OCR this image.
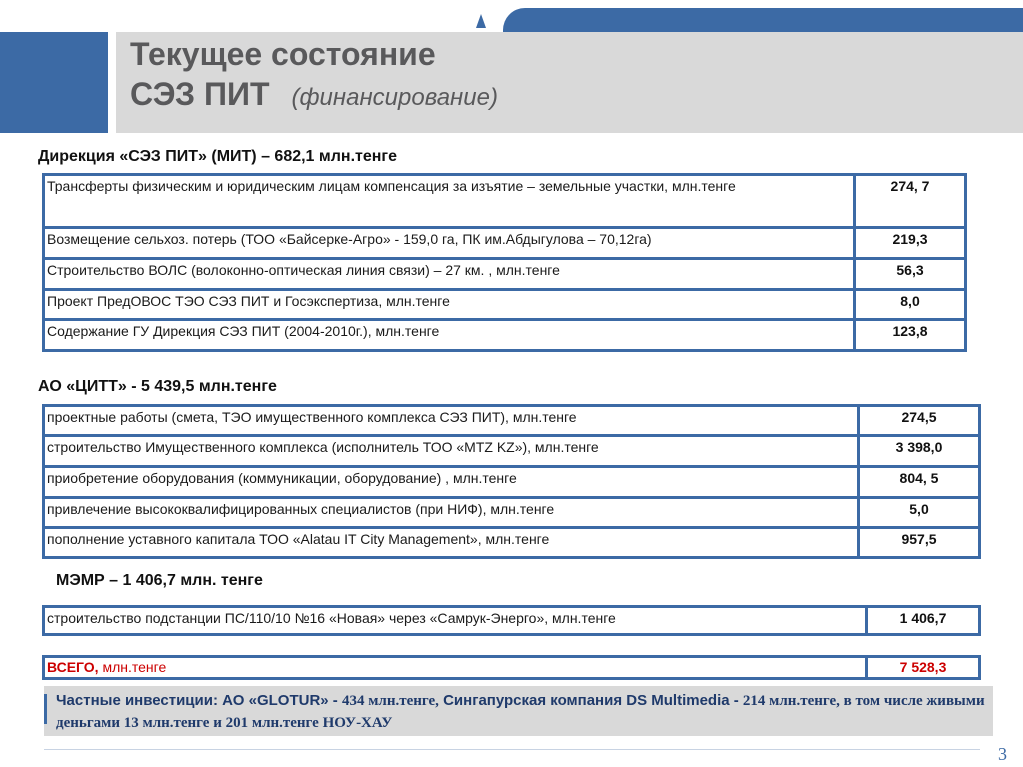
Текущее состояние
СЭЗ ПИТ (финансирование)
Дирекция «СЭЗ ПИТ» (МИТ) – 682,1 млн.тенге
Трансферты физическим и юридическим лицам компенсация за изъятие – земельные участки, млн.тенге	274, 7
Возмещение сельхоз. потерь (ТОО «Байсерке-Агро» - 159,0 га, ПК им.Абдыгулова – 70,12га)	219,3
Строительство ВОЛС (волоконно-оптическая линия связи) – 27 км. , млн.тенге	56,3
Проект ПредОВОС ТЭО СЭЗ ПИТ и Госэкспертиза, млн.тенге	8,0
Содержание ГУ Дирекция СЭЗ ПИТ (2004-2010г.), млн.тенге	123,8
АО «ЦИТТ» - 5 439,5 млн.тенге
проектные работы (смета, ТЭО имущественного комплекса СЭЗ ПИТ), млн.тенге	274,5
строительство Имущественного комплекса (исполнитель ТОО «MTZ KZ»), млн.тенге	3 398,0
приобретение оборудования (коммуникации, оборудование) , млн.тенге	804, 5
привлечение высококвалифицированных специалистов (при НИФ), млн.тенге	5,0
пополнение уставного капитала ТОО «Alatau IT City Management», млн.тенге	957,5
МЭМР – 1 406,7 млн. тенге
строительство подстанции ПС/110/10 №16 «Новая» через «Самрук-Энерго», млн.тенге	1 406,7
ВСЕГО, млн.тенге	7 528,3
Частные инвестиции: АО «GLOTUR» - 434 млн.тенге, Сингапурская компания DS Multimedia - 214 млн.тенге, в том числе живыми деньгами 13 млн.тенге и 201 млн.тенге НОУ-ХАУ
3
